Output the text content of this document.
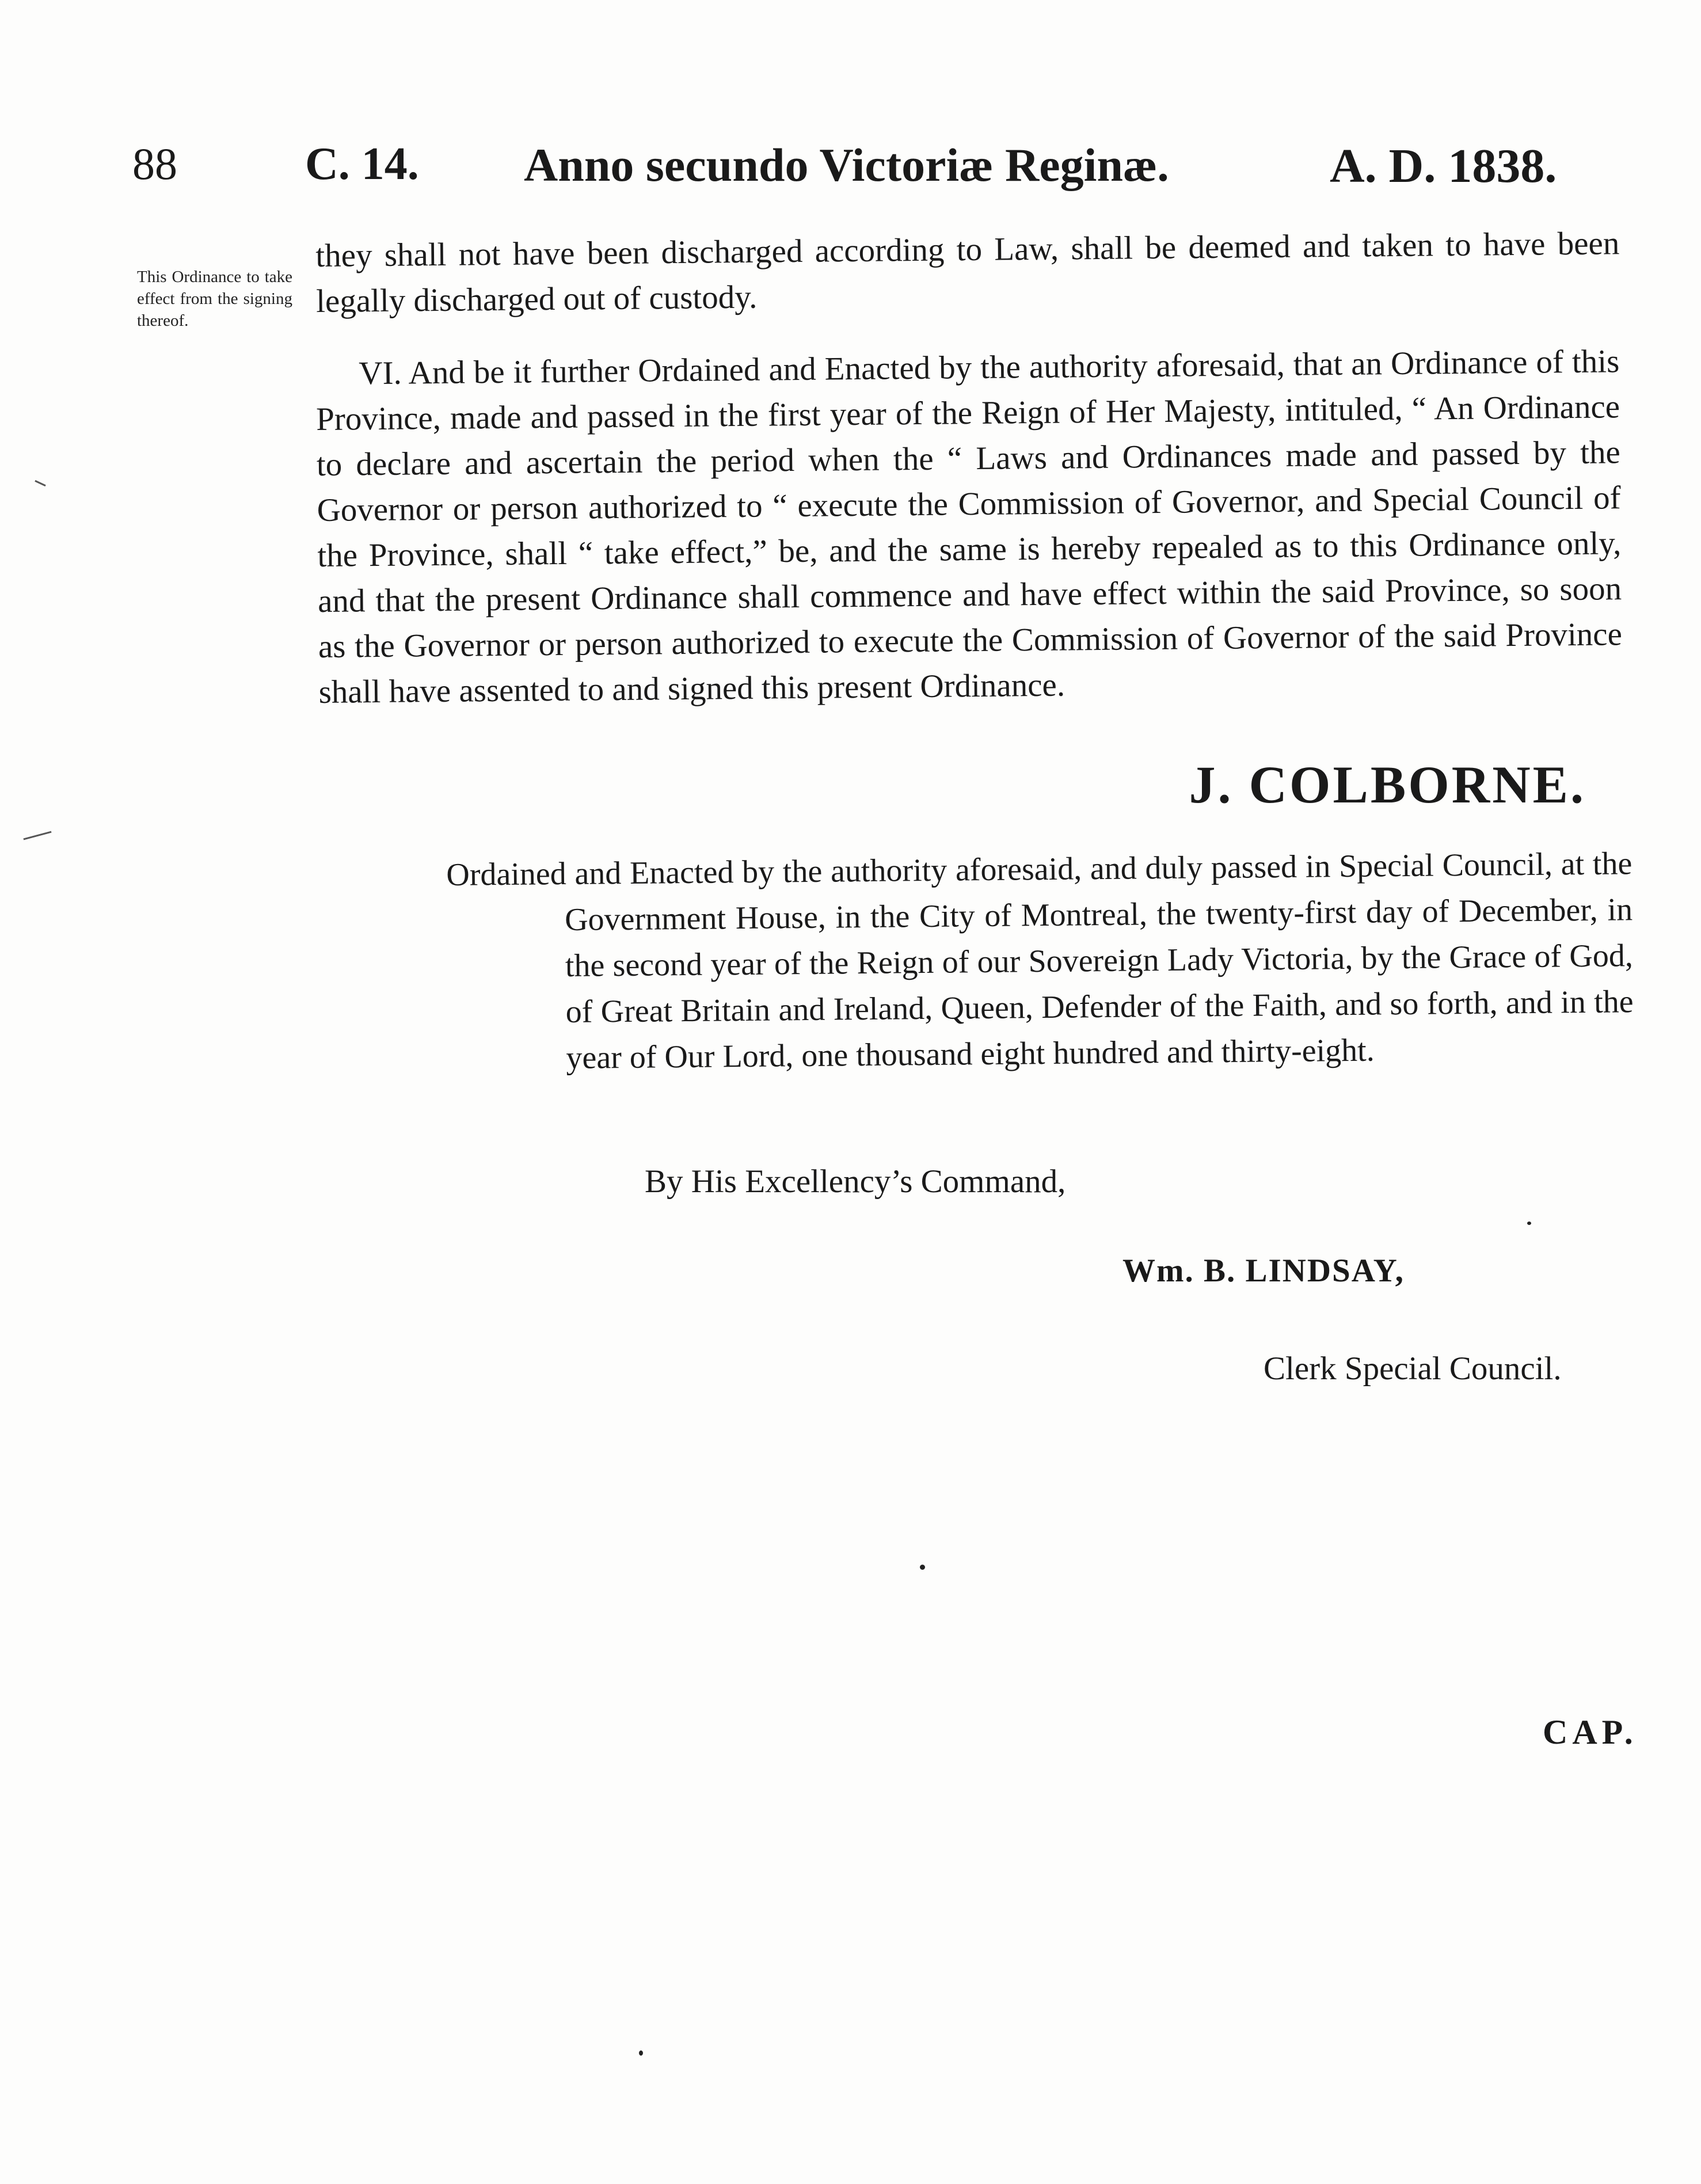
88	C. 14. Anno secundo Victoriæ Reginæ.	A. D. 1838.
This Ordinance to take effect from the signing thereof.
they shall not have been discharged according to Law, shall be deemed and taken to have been legally discharged out of custody.
VI. And be it further Ordained and Enacted by the authority aforesaid, that an Ordinance of this Province, made and passed in the first year of the Reign of Her Majesty, intituled, “ An Ordinance to declare and ascertain the period when the “ Laws and Ordinances made and passed by the Governor or person authorized to “ execute the Commission of Governor, and Special Council of the Province, shall “ take effect,” be, and the same is hereby repealed as to this Ordinance only, and that the present Ordinance shall commence and have effect within the said Province, so soon as the Governor or person authorized to execute the Commission of Governor of the said Province shall have assented to and signed this present Ordinance.
J. COLBORNE.
Ordained and Enacted by the authority aforesaid, and duly passed in Special Council, at the Government House, in the City of Montreal, the twenty-first day of December, in the second year of the Reign of our Sovereign Lady Victoria, by the Grace of God, of Great Britain and Ireland, Queen, Defender of the Faith, and so forth, and in the year of Our Lord, one thousand eight hundred and thirty-eight.
By His Excellency’s Command,
Wm. B. LINDSAY,
Clerk Special Council.
CAP.
